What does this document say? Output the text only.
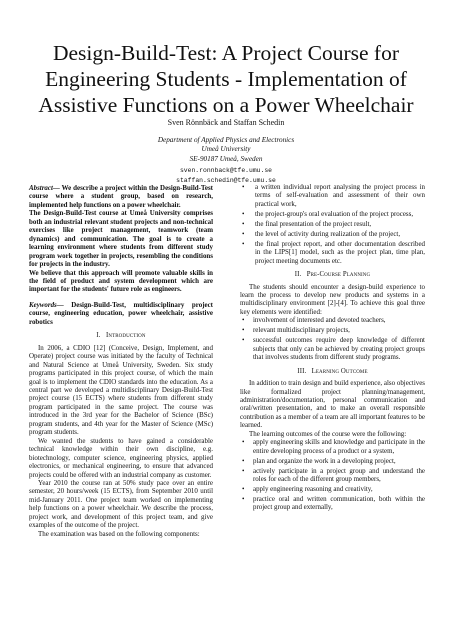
Design-Build-Test: A Project Course for
Engineering Students - Implementation of
Assistive Functions on a Power Wheelchair
Sven Rönnbäck and Staffan Schedin
Department of Applied Physics and Electronics
Umeå University
SE-90187 Umeå, Sweden
sven.ronnback@tfe.umu.se
staffan.schedin@tfe.umu.se

Abstract— We describe a project within the Design-Build-Test course where a student group, based on research, implemented help functions on a power wheelchair.

The Design-Build-Test course at Umeå University comprises both an industrial relevant student projects and non-technical exercises like project management, teamwork (team dynamics) and communication. The goal is to create a learning environment where students from different study program work together in projects, resembling the conditions for projects in the industry.

We believe that this approach will promote valuable skills in the field of product and system development which are important for the students' future role as engineers.

Keywords— Design-Build-Test, multidisciplinary project course, engineering education, power wheelchair, assistive robotics
I. Introduction

In 2006, a CDIO [12] (Conceive, Design, Implement, and Operate) project course was initiated by the faculty of Technical and Natural Science at Umeå University, Sweden. Six study programs participated in this project course, of which the main goal is to implement the CDIO standards into the education. As a central part we developed a multidisciplinary Design-Build-Test project course (15 ECTS) where students from different study program participated in the same project. The course was introduced in the 3rd year for the Bachelor of Science (BSc) program students, and 4th year for the Master of Science (MSc) program students.

We wanted the students to have gained a considerable technical knowledge within their own discipline, e.g. biotechnology, computer science, engineering physics, applied electronics, or mechanical engineering, to ensure that advanced projects could be offered with an industrial company as customer.

Year 2010 the course ran at 50% study pace over an entire semester, 20 hours/week (15 ECTS), from September 2010 until mid-January 2011. One project team worked on implementing help functions on a power wheelchair. We describe the process, project work, and development of this project team, and give examples of the outcome of the project.

The examination was based on the following components:

• a written individual report analysing the project process in terms of self-evaluation and assessment of their own practical work,
• the project-group's oral evaluation of the project process,
• the final presentation of the project result,
• the level of activity during realization of the project,
• the final project report, and other documentation described in the LIPS[1] model, such as the project plan, time plan, project meeting documents etc.
II. Pre-Course Planning

The students should encounter a design-build experience to learn the process to develop new products and systems in a multidisciplinary environment [2]-[4]. To achieve this goal three key elements were identified:

• involvement of interested and devoted teachers,
• relevant multidisciplinary projects,
• successful outcomes require deep knowledge of different subjects that only can be achieved by creating project groups that involves students from different study programs.
III. Learning Outcome

In addition to train design and build experience, also objectives like formalized project planning/management, administration/documentation, personal communication and oral/written presentation, and to make an overall responsible contribution as a member of a team are all important features to be learned.

The learning outcomes of the course were the following:

• apply engineering skills and knowledge and participate in the entire developing process of a product or a system,
• plan and organize the work in a developing project,
• actively participate in a project group and understand the roles for each of the different group members,
• apply engineering reasoning and creativity,
• practice oral and written communication, both within the project group and externally,
